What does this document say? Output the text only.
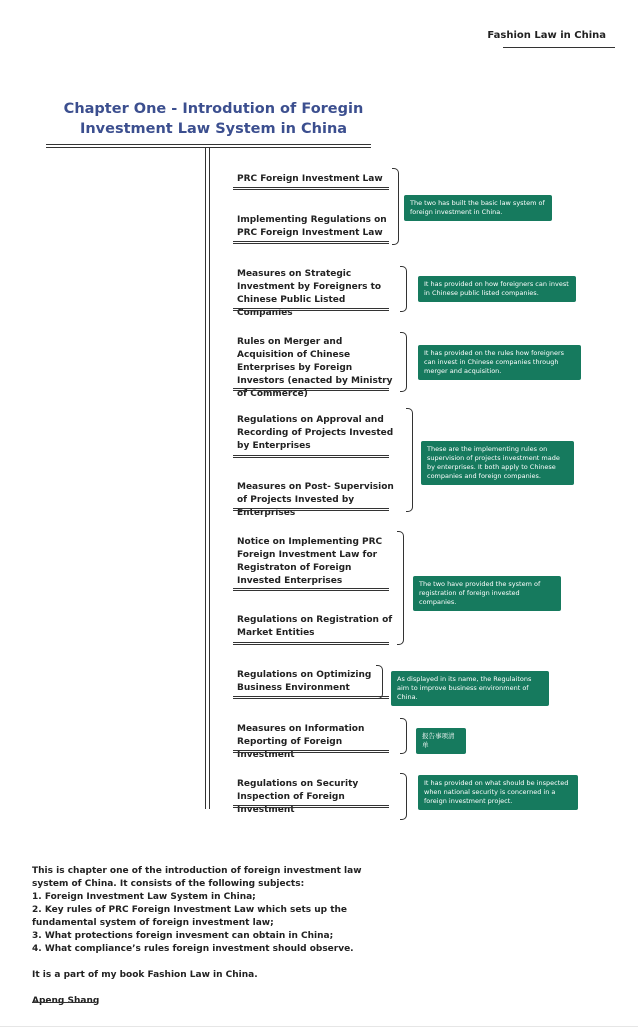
Fashion Law in China
Chapter One - Introdution of Foregin Investment Law System in China
PRC Foreign Investment Law
Implementing Regulations on PRC Foreign Investment Law
Measures on Strategic Investment by Foreigners to Chinese Public Listed Companies
Rules on Merger and Acquisition of Chinese Enterprises by Foreign Investors (enacted by Ministry of Commerce)
Regulations on Approval and Recording of Projects Invested by Enterprises
Measures on Post- Supervision of Projects Invested by Enterprises
Notice on Implementing PRC Foreign Investment Law for Registraton of Foreign Invested Enterprises
Regulations on Registration of Market Entities
Regulations on Optimizing Business Environment
Measures on Information Reporting of Foreign Investment
Regulations on Security Inspection of Foreign Investment
The two has built the basic law system of foreign investment in China.
It has provided on how foreigners can invest in Chinese public listed companies.
It has provided on the rules how foreigners can invest in Chinese companies through merger and acquisition.
These are the implementing rules on supervision of projects investment made by enterprises. It both apply to Chinese companies and foreign companies.
The two have provided the system of registration of foreign invested companies.
As displayed in its name, the Regulaitons aim to improve business environment of China.
报告事项清单
It has provided on what should be inspected when national security is concerned in a foreign investment project.

This is chapter one of the introduction of foreign investment law system of China. It consists of the following subjects:

1. Foreign Investment Law System in China;

2. Key rules of PRC Foreign Investment Law which sets up the fundamental system of foreign investment law;

3. What protections foreign invesment can obtain in China;

4. What compliance’s rules foreign investment should observe.

It is a part of my book Fashion Law in China.

Apeng Shang
